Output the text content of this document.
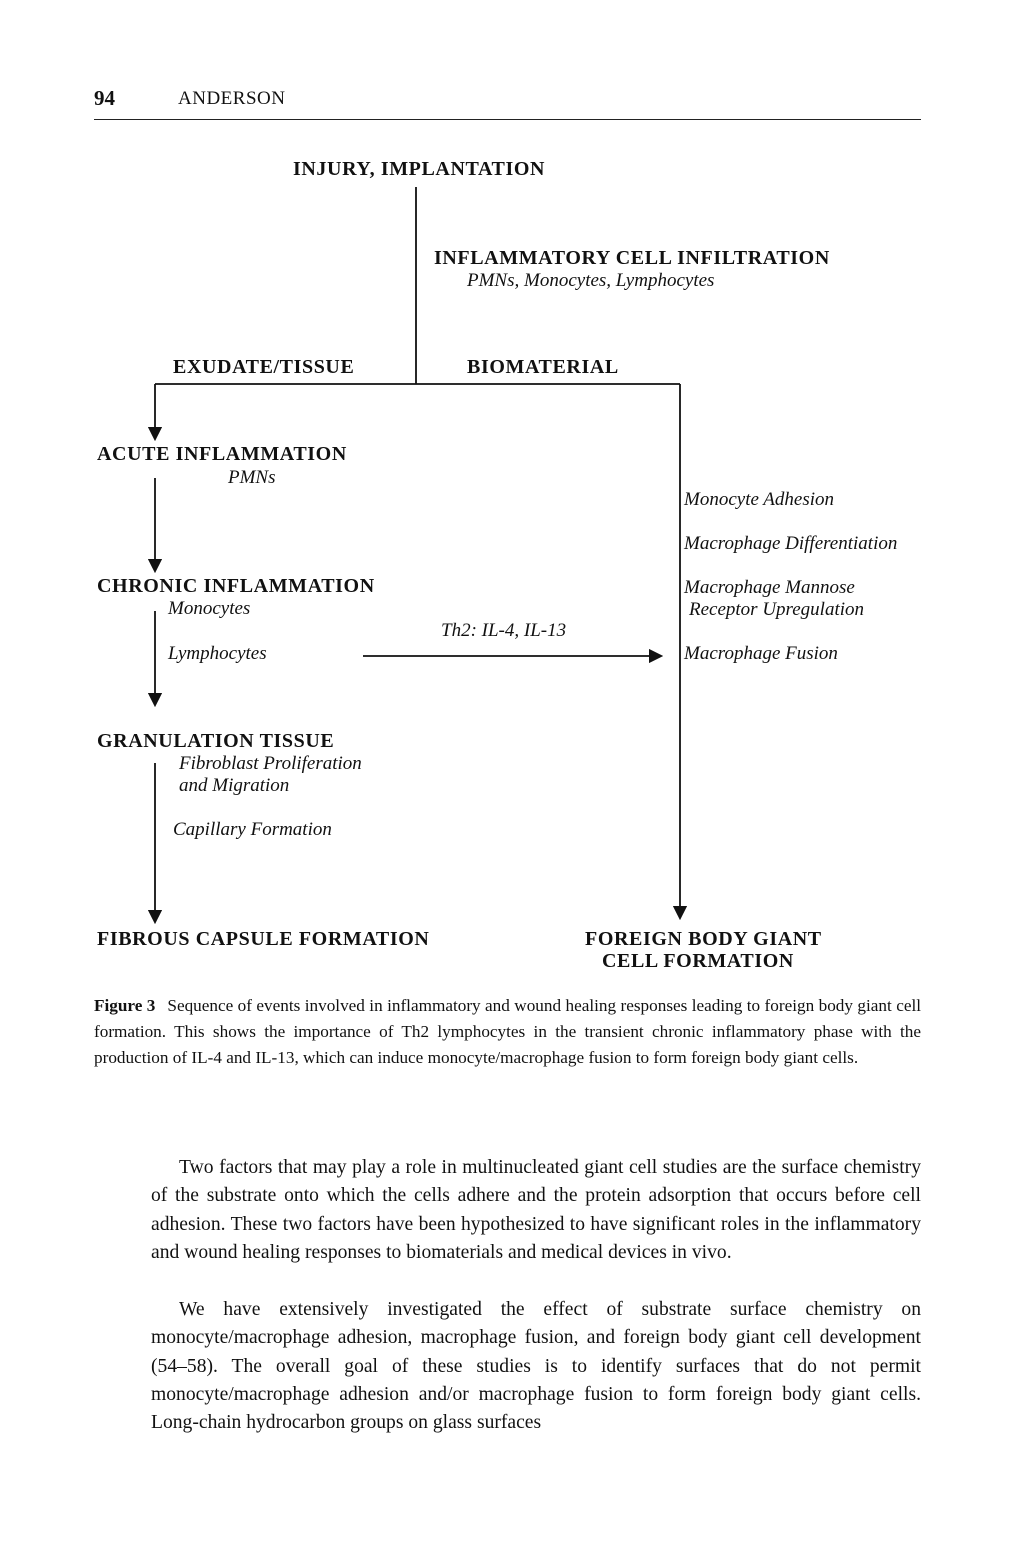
94	ANDERSON
INJURY, IMPLANTATION
INFLAMMATORY CELL INFILTRATION
PMNs, Monocytes, Lymphocytes
EXUDATE/TISSUE	BIOMATERIAL
ACUTE INFLAMMATION
PMNs
CHRONIC INFLAMMATION
Monocytes
Lymphocytes
Th2: IL-4, IL-13
GRANULATION TISSUE
Fibroblast Proliferation
and Migration
Capillary Formation
FIBROUS CAPSULE FORMATION	FOREIGN BODY GIANT
CELL FORMATION
Monocyte Adhesion
Macrophage Differentiation
Macrophage Mannose
Receptor Upregulation
Macrophage Fusion
Figure 3 Sequence of events involved in inflammatory and wound healing responses leading to foreign body giant cell formation. This shows the importance of Th2 lymphocytes in the transient chronic inflammatory phase with the production of IL-4 and IL-13, which can induce monocyte/macrophage fusion to form foreign body giant cells.
Two factors that may play a role in multinucleated giant cell studies are the surface chemistry of the substrate onto which the cells adhere and the protein adsorption that occurs before cell adhesion. These two factors have been hypothesized to have significant roles in the inflammatory and wound healing responses to biomaterials and medical devices in vivo.
We have extensively investigated the effect of substrate surface chemistry on monocyte/macrophage adhesion, macrophage fusion, and foreign body giant cell development (54–58). The overall goal of these studies is to identify surfaces that do not permit monocyte/macrophage adhesion and/or macrophage fusion to form foreign body giant cells. Long-chain hydrocarbon groups on glass surfaces
